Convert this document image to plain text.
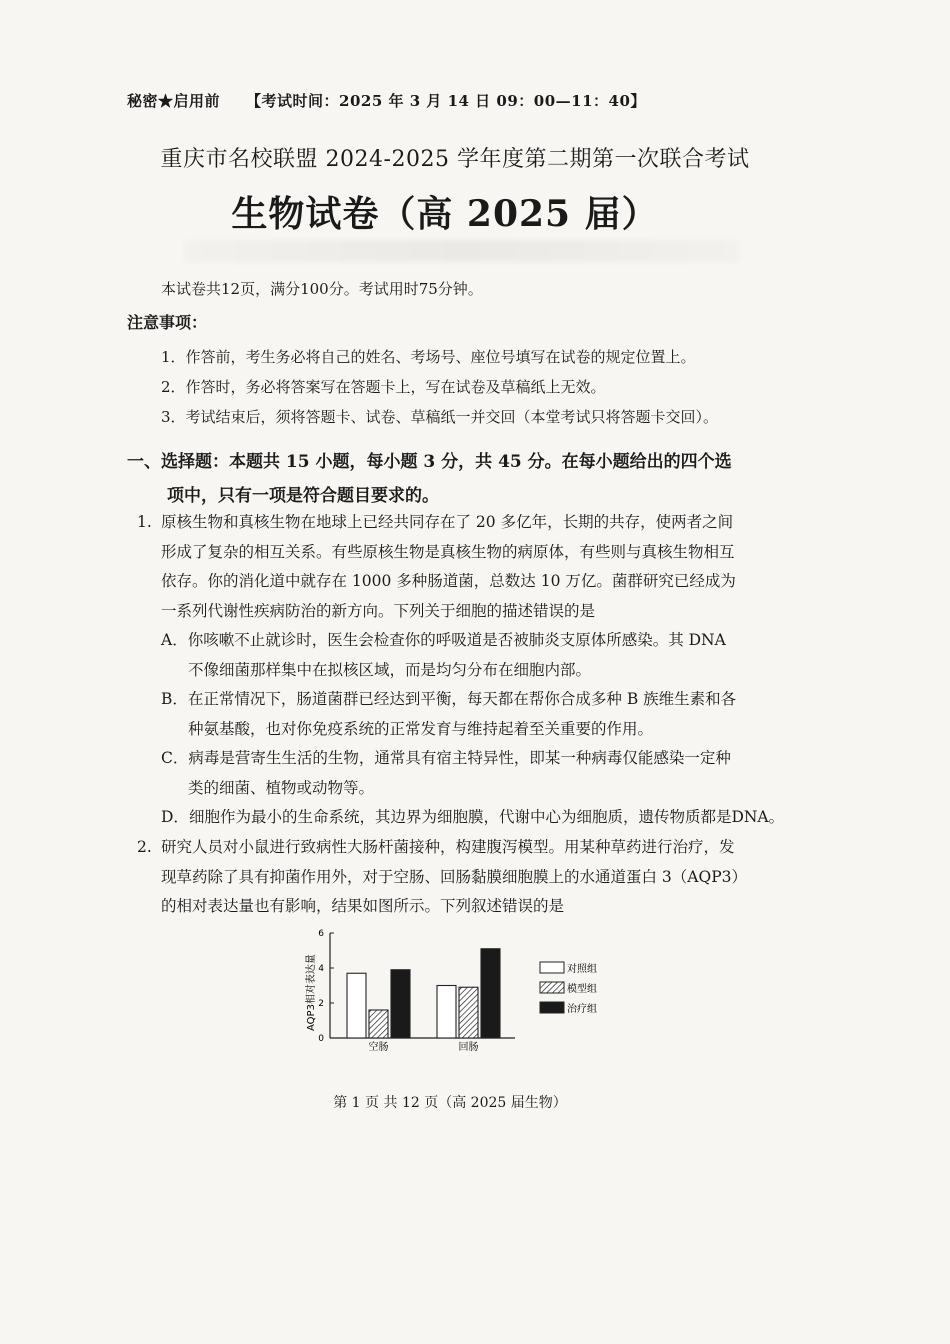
秘密★启用前 【考试时间：2025 年 3 月 14 日 09：00—11：40】
重庆市名校联盟 2024-2025 学年度第二期第一次联合考试
生物试卷（高 2025 届）
本试卷共12页，满分100分。考试用时75分钟。
注意事项：
1．作答前，考生务必将自己的姓名、考场号、座位号填写在试卷的规定位置上。
2．作答时，务必将答案写在答题卡上，写在试卷及草稿纸上无效。
3．考试结束后，须将答题卡、试卷、草稿纸一并交回（本堂考试只将答题卡交回）。
一、选择题：本题共 15 小题，每小题 3 分，共 45 分。在每小题给出的四个选
项中，只有一项是符合题目要求的。
1. 原核生物和真核生物在地球上已经共同存在了 20 多亿年，长期的共存，使两者之间
形成了复杂的相互关系。有些原核生物是真核生物的病原体，有些则与真核生物相互
依存。你的消化道中就存在 1000 多种肠道菌，总数达 10 万亿。菌群研究已经成为
一系列代谢性疾病防治的新方向。下列关于细胞的描述错误的是
A．你咳嗽不止就诊时，医生会检查你的呼吸道是否被肺炎支原体所感染。其 DNA
不像细菌那样集中在拟核区域，而是均匀分布在细胞内部。
B．在正常情况下，肠道菌群已经达到平衡，每天都在帮你合成多种 B 族维生素和各
种氨基酸，也对你免疫系统的正常发育与维持起着至关重要的作用。
C．病毒是营寄生生活的生物，通常具有宿主特异性，即某一种病毒仅能感染一定种
类的细菌、植物或动物等。
D．细胞作为最小的生命系统，其边界为细胞膜，代谢中心为细胞质，遗传物质都是DNA。
2. 研究人员对小鼠进行致病性大肠杆菌接种，构建腹泻模型。用某种草药进行治疗，发
现草药除了具有抑菌作用外，对于空肠、回肠黏膜细胞膜上的水通道蛋白 3（AQP3）
的相对表达量也有影响，结果如图所示。下列叙述错误的是
AQP3相对表达量
0
2
4
6
空肠	回肠
对照组
模型组
治疗组
第 1 页 共 12 页（高 2025 届生物）
